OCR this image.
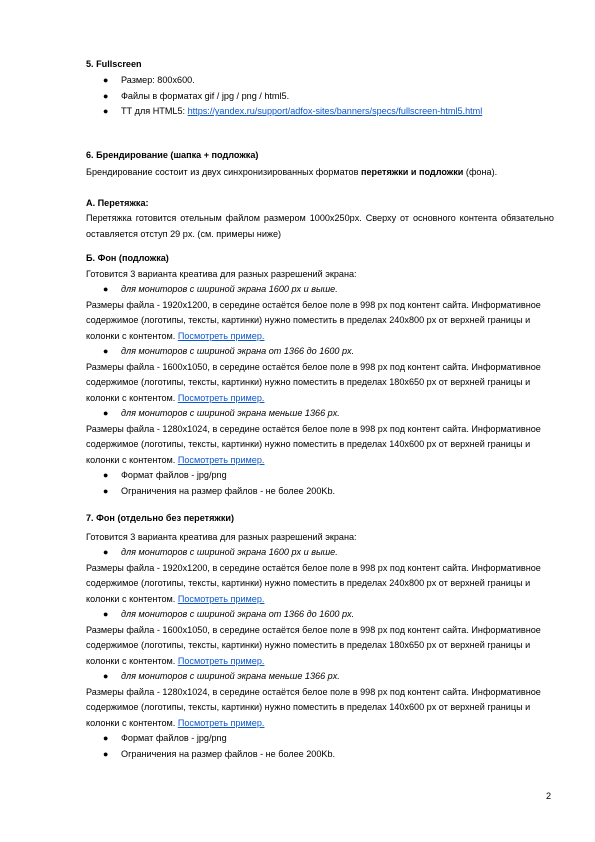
5. Fullscreen

● Размер: 800х600.

● Файлы в форматах gif / jpg / png / html5.

● ТТ для HTML5: https://yandex.ru/support/adfox-sites/banners/specs/fullscreen-html5.html

6. Брендирование (шапка + подложка)

Брендирование состоит из двух синхронизированных форматов перетяжки и подложки (фона).

А. Перетяжка:

Перетяжка готовится отельным файлом размером 1000х250px. Сверху от основного контента обязательно оставляется отступ 29 px. (см. примеры ниже)

Б. Фон (подложка)

Готовится 3 варианта креатива для разных разрешений экрана:

● для мониторов с шириной экрана 1600 px и выше.

Размеры файла - 1920х1200, в середине остаётся белое поле в 998 px под контент сайта. Информативное содержимое (логотипы, тексты, картинки) нужно поместить в пределах 240х800 px от верхней границы и колонки с контентом. Посмотреть пример.

● для мониторов с шириной экрана от 1366 до 1600 px.

Размеры файла - 1600х1050, в середине остаётся белое поле в 998 px под контент сайта. Информативное содержимое (логотипы, тексты, картинки) нужно поместить в пределах 180х650 px от верхней границы и колонки с контентом. Посмотреть пример.

● для мониторов с шириной экрана меньше 1366 px.

Размеры файла - 1280х1024, в середине остаётся белое поле в 998 px под контент сайта. Информативное содержимое (логотипы, тексты, картинки) нужно поместить в пределах 140х600 px от верхней границы и колонки с контентом. Посмотреть пример.

● Формат файлов - jpg/png

● Ограничения на размер файлов - не более 200Kb.

7. Фон (отдельно без перетяжки)

Готовится 3 варианта креатива для разных разрешений экрана:

● для мониторов с шириной экрана 1600 px и выше.

Размеры файла - 1920х1200, в середине остаётся белое поле в 998 px под контент сайта. Информативное содержимое (логотипы, тексты, картинки) нужно поместить в пределах 240х800 px от верхней границы и колонки с контентом. Посмотреть пример.

● для мониторов с шириной экрана от 1366 до 1600 px.

Размеры файла - 1600х1050, в середине остаётся белое поле в 998 px под контент сайта. Информативное содержимое (логотипы, тексты, картинки) нужно поместить в пределах 180х650 px от верхней границы и колонки с контентом. Посмотреть пример.

● для мониторов с шириной экрана меньше 1366 px.

Размеры файла - 1280х1024, в середине остаётся белое поле в 998 px под контент сайта. Информативное содержимое (логотипы, тексты, картинки) нужно поместить в пределах 140х600 px от верхней границы и колонки с контентом. Посмотреть пример.

● Формат файлов - jpg/png

● Ограничения на размер файлов - не более 200Kb.

2
